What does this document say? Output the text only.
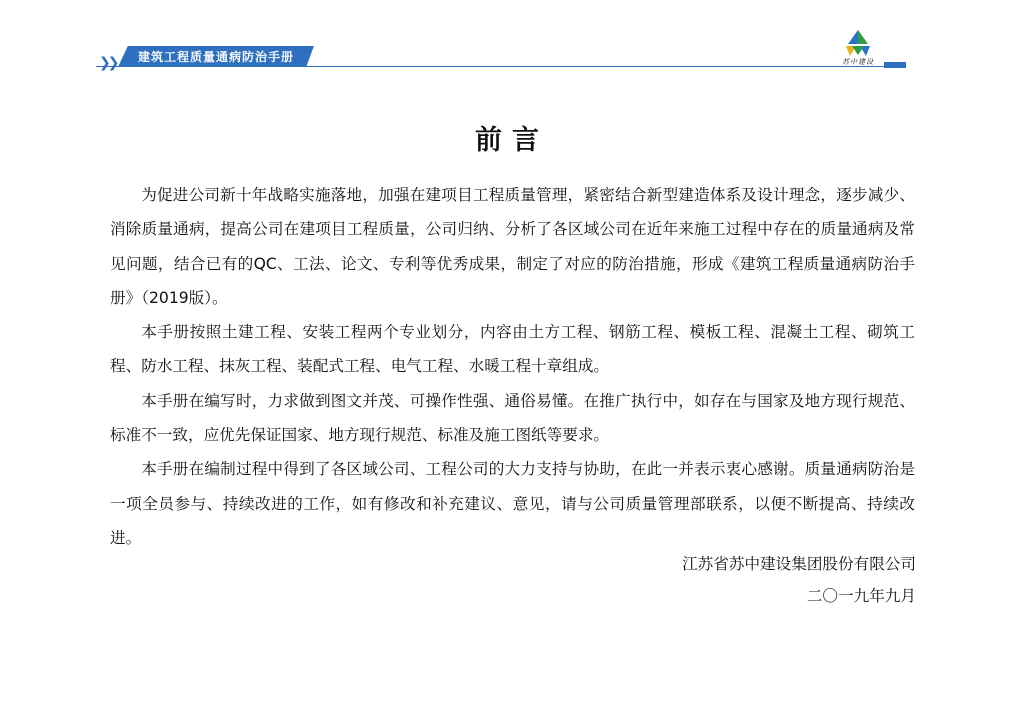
❯❯ 建筑工程质量通病防治手册	苏中建设
前言

为促进公司新十年战略实施落地，加强在建项目工程质量管理，紧密结合新型建造体系及设计理念，逐步减少、消除质量通病，提高公司在建项目工程质量，公司归纳、分析了各区域公司在近年来施工过程中存在的质量通病及常见问题，结合已有的QC、工法、论文、专利等优秀成果，制定了对应的防治措施，形成《建筑工程质量通病防治手册》（2019版）。

本手册按照土建工程、安装工程两个专业划分，内容由土方工程、钢筋工程、模板工程、混凝土工程、砌筑工程、防水工程、抹灰工程、装配式工程、电气工程、水暖工程十章组成。

本手册在编写时，力求做到图文并茂、可操作性强、通俗易懂。在推广执行中，如存在与国家及地方现行规范、标准不一致，应优先保证国家、地方现行规范、标准及施工图纸等要求。

本手册在编制过程中得到了各区域公司、工程公司的大力支持与协助，在此一并表示衷心感谢。质量通病防治是一项全员参与、持续改进的工作，如有修改和补充建议、意见，请与公司质量管理部联系，以便不断提高、持续改进。

江苏省苏中建设集团股份有限公司
二〇一九年九月
